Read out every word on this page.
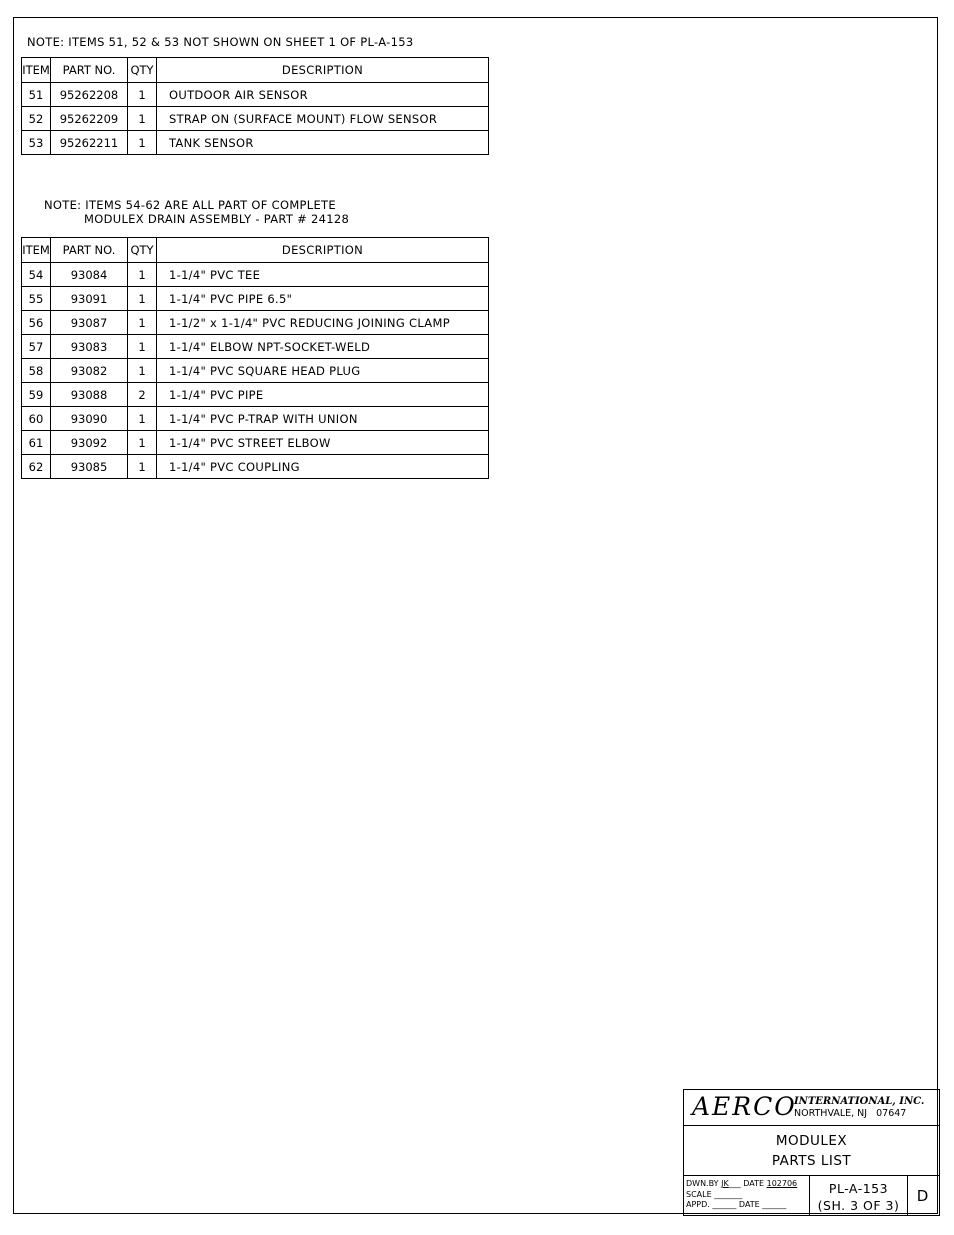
NOTE: ITEMS 51, 52 & 53 NOT SHOWN ON SHEET 1 OF PL-A-153
ITEM	PART NO.	QTY	DESCRIPTION
51	95262208	1	OUTDOOR AIR SENSOR
52	95262209	1	STRAP ON (SURFACE MOUNT) FLOW SENSOR
53	95262211	1	TANK SENSOR
NOTE: ITEMS 54-62 ARE ALL PART OF COMPLETE
MODULEX DRAIN ASSEMBLY - PART # 24128
ITEM	PART NO.	QTY	DESCRIPTION
54	93084	1	1-1/4" PVC TEE
55	93091	1	1-1/4" PVC PIPE 6.5"
56	93087	1	1-1/2" x 1-1/4" PVC REDUCING JOINING CLAMP
57	93083	1	1-1/4" ELBOW NPT-SOCKET-WELD
58	93082	1	1-1/4" PVC SQUARE HEAD PLUG
59	93088	2	1-1/4" PVC PIPE
60	93090	1	1-1/4" PVC P-TRAP WITH UNION
61	93092	1	1-1/4" PVC STREET ELBOW
62	93085	1	1-1/4" PVC COUPLING
AERCO
INTERNATIONAL, INC.
NORTHVALE, NJ   07647
MODULEX
PARTS LIST
DWN.BY JK___ DATE 102706
SCALE _______
APPD. ______ DATE ______
PL-A-153
(SH. 3 OF 3)
D
